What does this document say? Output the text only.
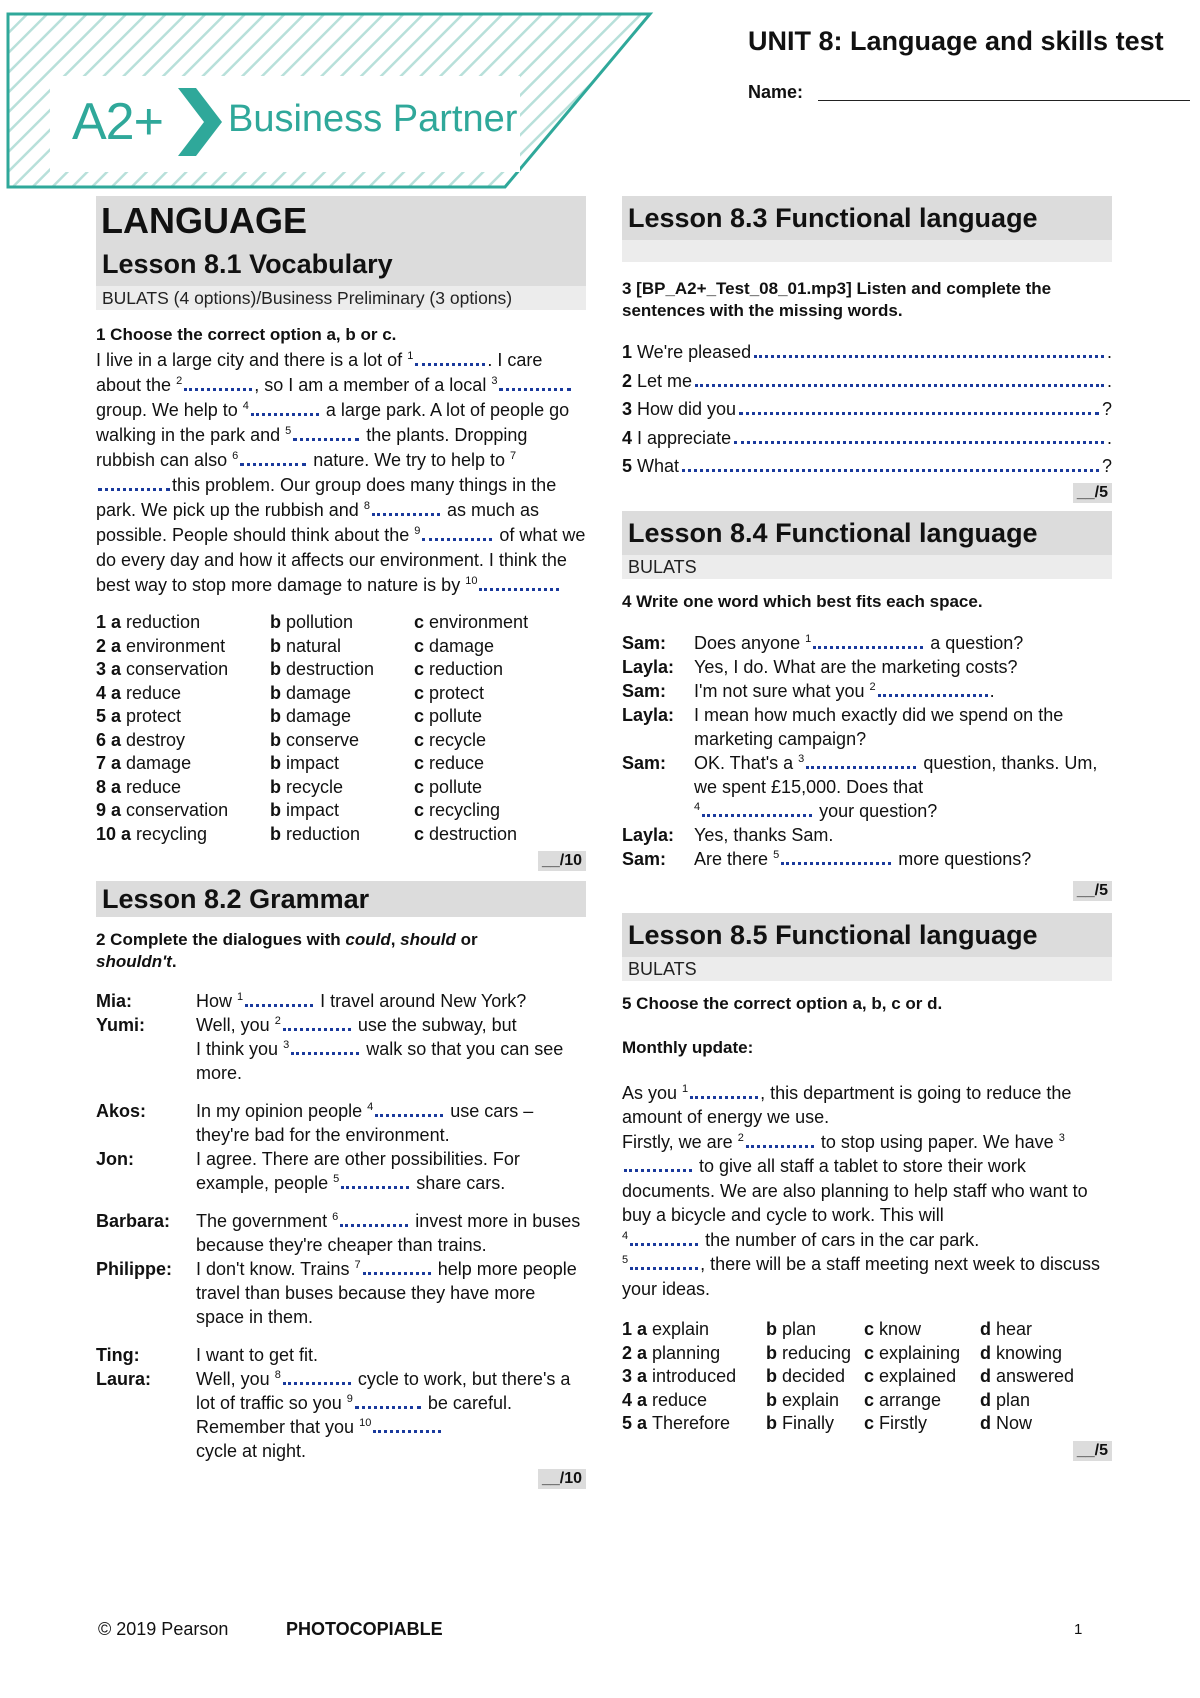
A2+ Business Partner
UNIT 8: Language and skills test
Name:
LANGUAGE
Lesson 8.1 Vocabulary
BULATS (4 options)/Business Preliminary (3 options)
1 Choose the correct option a, b or c.
I live in a large city and there is a lot of $^1$	. I care about the $^2$	, so I am a member of a local $^3$ group. We help to $^4$	a large park. A lot of people go walking in the park and $^5$	the plants. Dropping rubbish can also $^6$	nature. We try to help to $^7$this problem. Our group does many things in the park. We pick up the rubbish and $^8$	as much as possible. People should think about the $^9$	of what we do every day and how it affects our environment. I think the best way to stop more damage to nature is by $^{10}$
1 a reduction	b pollution	c environment
2 a environment	b natural	c damage
3 a conservation	b destruction	c reduction
4 a reduce	b damage	c protect
5 a protect	b damage	c pollute
6 a destroy	b conserve	c recycle
7 a damage	b impact	c reduce
8 a reduce	b recycle	c pollute
9 a conservation	b impact	c recycling
10 a recycling	b reduction	c destruction
__/10
Lesson 8.2 Grammar
2 Complete the dialogues with could, should or
shouldn't.
Mia:	How $^1$	I travel around New York?
Yumi:	Well, you $^2$	use the subway, but
I think you $^3$	walk so that you can see more.
Akos:	In my opinion people $^4$	use cars – they're bad for the environment.
Jon:	I agree. There are other possibilities. For example, people $^5$	share cars.
Barbara:	The government $^6$	invest more in buses because they're cheaper than trains.
Philippe:	I don't know. Trains $^7$	help more people travel than buses because they have more space in them.
Ting:	I want to get fit.
Laura:	Well, you $^8$	cycle to work, but there's a lot of traffic so you $^9$	be careful. Remember that you $^{10}$
cycle at night.
__/10
Lesson 8.3 Functional language
3 [BP_A2+_Test_08_01.mp3] Listen and complete the sentences with the missing words.
1 We're pleased	.
2 Let me	.
3 How did you	?
4 I appreciate	.
5 What	?
__/5
Lesson 8.4 Functional language
BULATS
4 Write one word which best fits each space.
Sam:	Does anyone $^1$	a question?
Layla:	Yes, I do. What are the marketing costs?
Sam:	I'm not sure what you $^2$	.
Layla:	I mean how much exactly did we spend on the marketing campaign?
Sam:	OK. That's a $^3$	question, thanks. Um, we spent £15,000. Does that
$^4$	your question?
Layla:	Yes, thanks Sam.
Sam:	Are there $^5$	more questions?
__/5
Lesson 8.5 Functional language
BULATS
5 Choose the correct option a, b, c or d.
Monthly update:
As you $^1$	, this department is going to reduce the amount of energy we use.
Firstly, we are $^2$	to stop using paper. We have $^3$ to give all staff a tablet to store their work documents. We are also planning to help staff who want to buy a bicycle and cycle to work. This will
$^4$	the number of cars in the car park.
$^5$	, there will be a staff meeting next week to discuss your ideas.
1 a explain	b plan	c know	d hear
2 a planning	b reducing	c explaining	d knowing
3 a introduced	b decided	c explained	d answered
4 a reduce	b explain	c arrange	d plan
5 a Therefore	b Finally	c Firstly	d Now
__/5
© 2019 Pearson	PHOTOCOPIABLE	1
